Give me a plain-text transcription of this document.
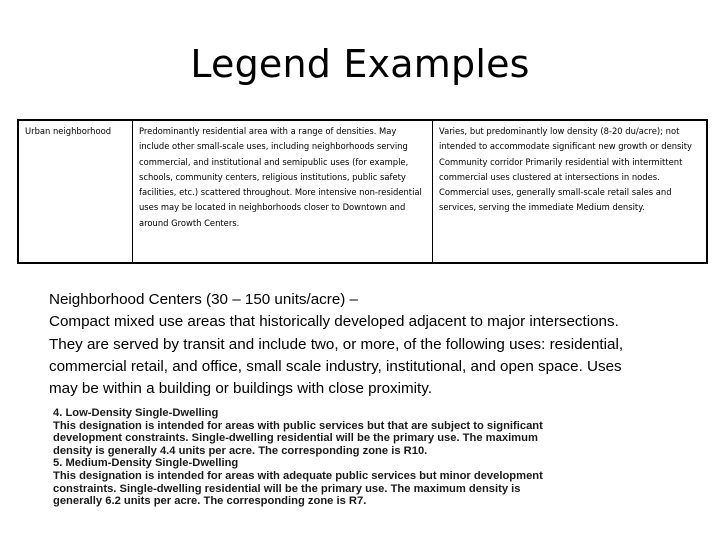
Legend Examples
Urban neighborhood	Predominantly residential area with a range of densities. May include other small-scale uses, including neighborhoods serving commercial, and institutional and semipublic uses (for example, schools, community centers, religious institutions, public safety facilities, etc.) scattered throughout. More intensive non-residential uses may be located in neighborhoods closer to Downtown and around Growth Centers.
Varies, but predominantly low density (8-20 du/acre); not intended to accommodate significant new growth or density Community corridor Primarily residential with intermittent commercial uses clustered at intersections in nodes. Commercial uses, generally small-scale retail sales and services, serving the immediate Medium density.
Neighborhood Centers (30 – 150 units/acre) –
Compact mixed use areas that historically developed adjacent to major intersections.
They are served by transit and include two, or more, of the following uses: residential,
commercial retail, and office, small scale industry, institutional, and open space. Uses
may be within a building or buildings with close proximity.
4. Low-Density Single-Dwelling
This designation is intended for areas with public services but that are subject to significant
development constraints. Single-dwelling residential will be the primary use. The maximum
density is generally 4.4 units per acre. The corresponding zone is R10.
5. Medium-Density Single-Dwelling
This designation is intended for areas with adequate public services but minor development
constraints. Single-dwelling residential will be the primary use. The maximum density is
generally 6.2 units per acre. The corresponding zone is R7.
